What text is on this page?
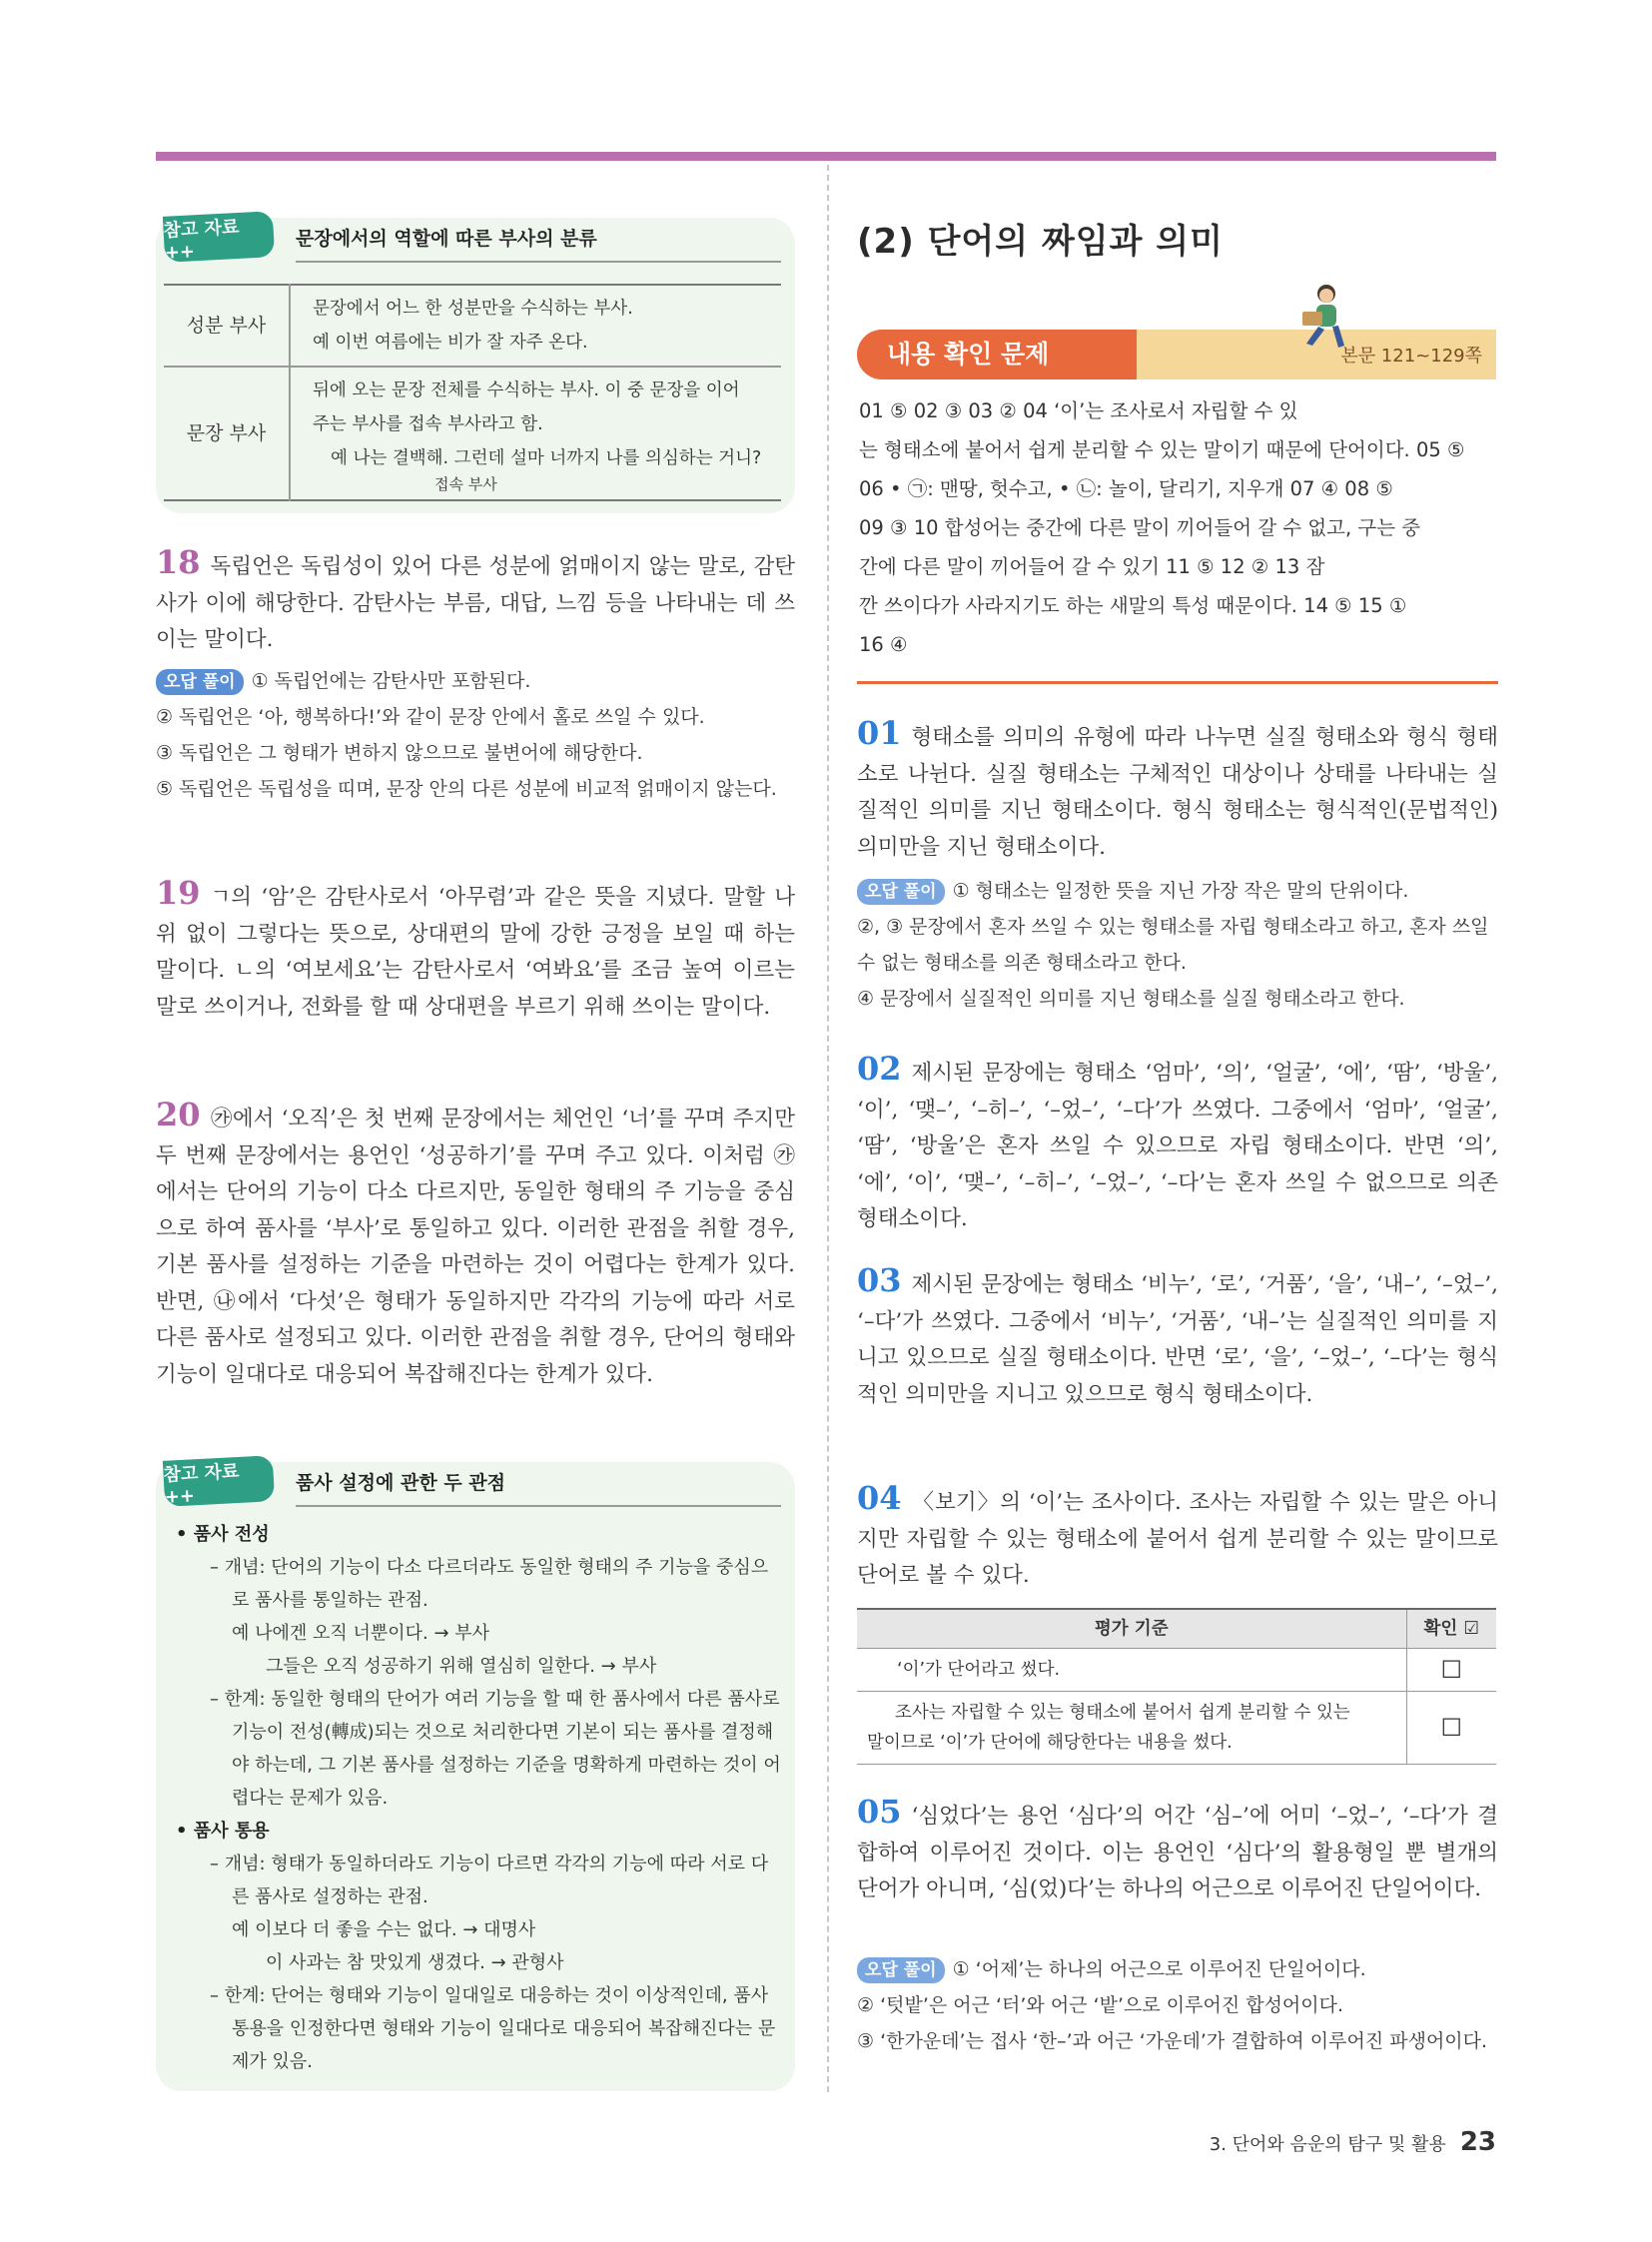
참고 자료 ++
문장에서의 역할에 따른 부사의 분류
성분 부사	문장에서 어느 한 성분만을 수식하는 부사.
예 이번 여름에는 비가 잘 자주 온다.

문장 부사	뒤에 오는 문장 전체를 수식하는 부사. 이 중 문장을 이어
주는 부사를 접속 부사라고 함.
예 나는 결백해. 그런데 설마 너까지 나를 의심하는 거니?
접속 부사
18 독립언은 독립성이 있어 다른 성분에 얽매이지 않는 말로, 감탄사가 이에 해당한다. 감탄사는 부름, 대답, 느낌 등을 나타내는 데 쓰이는 말이다.
오답 풀이 ① 독립언에는 감탄사만 포함된다.
② 독립언은 ‘아, 행복하다!’와 같이 문장 안에서 홀로 쓰일 수 있다.
③ 독립언은 그 형태가 변하지 않으므로 불변어에 해당한다.
⑤ 독립언은 독립성을 띠며, 문장 안의 다른 성분에 비교적 얽매이지 않는다.
19 ㄱ의 ‘암’은 감탄사로서 ‘아무렴’과 같은 뜻을 지녔다. 말할 나위 없이 그렇다는 뜻으로, 상대편의 말에 강한 긍정을 보일 때 하는 말이다. ㄴ의 ‘여보세요’는 감탄사로서 ‘여봐요’를 조금 높여 이르는 말로 쓰이거나, 전화를 할 때 상대편을 부르기 위해 쓰이는 말이다.
20 ㉮에서 ‘오직’은 첫 번째 문장에서는 체언인 ‘너’를 꾸며 주지만 두 번째 문장에서는 용언인 ‘성공하기’를 꾸며 주고 있다. 이처럼 ㉮에서는 단어의 기능이 다소 다르지만, 동일한 형태의 주 기능을 중심으로 하여 품사를 ‘부사’로 통일하고 있다. 이러한 관점을 취할 경우, 기본 품사를 설정하는 기준을 마련하는 것이 어렵다는 한계가 있다. 반면, ㉯에서 ‘다섯’은 형태가 동일하지만 각각의 기능에 따라 서로 다른 품사로 설정되고 있다. 이러한 관점을 취할 경우, 단어의 형태와 기능이 일대다로 대응되어 복잡해진다는 한계가 있다.
참고 자료 ++
품사 설정에 관한 두 관점
• 품사 전성
– 개념: 단어의 기능이 다소 다르더라도 동일한 형태의 주 기능을 중심으로 품사를 통일하는 관점.
예 나에겐 오직 너뿐이다. → 부사
그들은 오직 성공하기 위해 열심히 일한다. → 부사
– 한계: 동일한 형태의 단어가 여러 기능을 할 때 한 품사에서 다른 품사로 기능이 전성(轉成)되는 것으로 처리한다면 기본이 되는 품사를 결정해야 하는데, 그 기본 품사를 설정하는 기준을 명확하게 마련하는 것이 어렵다는 문제가 있음.
• 품사 통용
– 개념: 형태가 동일하더라도 기능이 다르면 각각의 기능에 따라 서로 다른 품사로 설정하는 관점.
예 이보다 더 좋을 수는 없다. → 대명사
이 사과는 참 맛있게 생겼다. → 관형사
– 한계: 단어는 형태와 기능이 일대일로 대응하는 것이 이상적인데, 품사 통용을 인정한다면 형태와 기능이 일대다로 대응되어 복잡해진다는 문제가 있음.
(2) 단어의 짜임과 의미
내용 확인 문제	본문 121~129쪽
01 ⑤ 02 ③ 03 ② 04 ‘이’는 조사로서 자립할 수 있
는 형태소에 붙어서 쉽게 분리할 수 있는 말이기 때문에 단어이다. 05 ⑤
06 • ㉠: 맨땅, 헛수고, • ㉡: 놀이, 달리기, 지우개 07 ④ 08 ⑤
09 ③ 10 합성어는 중간에 다른 말이 끼어들어 갈 수 없고, 구는 중
간에 다른 말이 끼어들어 갈 수 있기 11 ⑤ 12 ② 13 잠
깐 쓰이다가 사라지기도 하는 새말의 특성 때문이다. 14 ⑤ 15 ①
16 ④
01 형태소를 의미의 유형에 따라 나누면 실질 형태소와 형식 형태소로 나뉜다. 실질 형태소는 구체적인 대상이나 상태를 나타내는 실질적인 의미를 지닌 형태소이다. 형식 형태소는 형식적인(문법적인) 의미만을 지닌 형태소이다.
오답 풀이 ① 형태소는 일정한 뜻을 지닌 가장 작은 말의 단위이다.
②, ③ 문장에서 혼자 쓰일 수 있는 형태소를 자립 형태소라고 하고, 혼자 쓰일 수 없는 형태소를 의존 형태소라고 한다.
④ 문장에서 실질적인 의미를 지닌 형태소를 실질 형태소라고 한다.
02 제시된 문장에는 형태소 ‘엄마’, ‘의’, ‘얼굴’, ‘에’, ‘땀’, ‘방울’, ‘이’, ‘맺–’, ‘–히–’, ‘–었–’, ‘–다’가 쓰였다. 그중에서 ‘엄마’, ‘얼굴’, ‘땀’, ‘방울’은 혼자 쓰일 수 있으므로 자립 형태소이다. 반면 ‘의’, ‘에’, ‘이’, ‘맺–’, ‘–히–’, ‘–었–’, ‘–다’는 혼자 쓰일 수 없으므로 의존 형태소이다.
03 제시된 문장에는 형태소 ‘비누’, ‘로’, ‘거품’, ‘을’, ‘내–’, ‘–었–’, ‘–다’가 쓰였다. 그중에서 ‘비누’, ‘거품’, ‘내–’는 실질적인 의미를 지니고 있으므로 실질 형태소이다. 반면 ‘로’, ‘을’, ‘–었–’, ‘–다’는 형식적인 의미만을 지니고 있으므로 형식 형태소이다.
04 〈보기〉의 ‘이’는 조사이다. 조사는 자립할 수 있는 말은 아니지만 자립할 수 있는 형태소에 붙어서 쉽게 분리할 수 있는 말이므로 단어로 볼 수 있다.
평가 기준	확인 ☑
‘이’가 단어라고 썼다.	☐

조사는 자립할 수 있는 형태소에 붙어서 쉽게 분리할 수 있는
말이므로 ‘이’가 단어에 해당한다는 내용을 썼다.	☐
05 ‘심었다’는 용언 ‘심다’의 어간 ‘심–’에 어미 ‘–었–’, ‘–다’가 결합하여 이루어진 것이다. 이는 용언인 ‘심다’의 활용형일 뿐 별개의 단어가 아니며, ‘심(었)다’는 하나의 어근으로 이루어진 단일어이다.
오답 풀이 ① ‘어제’는 하나의 어근으로 이루어진 단일어이다.
② ‘텃밭’은 어근 ‘터’와 어근 ‘밭’으로 이루어진 합성어이다.
③ ‘한가운데’는 접사 ‘한–’과 어근 ‘가운데’가 결합하여 이루어진 파생어이다.
3. 단어와 음운의 탐구 및 활용 23
